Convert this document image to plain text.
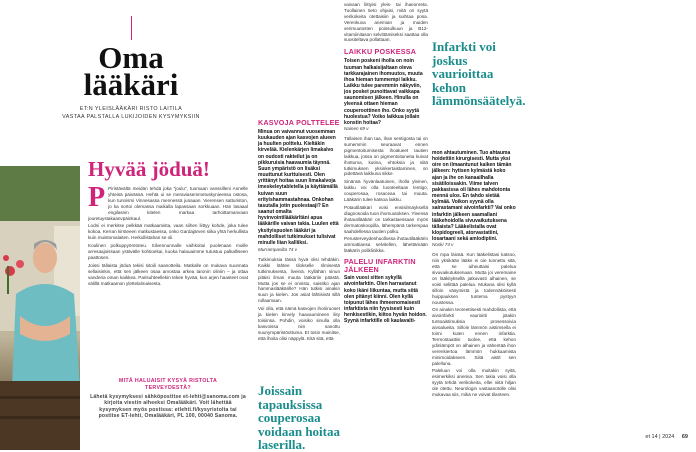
Oma lääkäri
ET:N YLEISLÄÄKÄRI RISTO LAITILA
VASTAA PALSTALLA LUKIJOIDEN KYSYMYKSIIN
Hyvää jöduä!
P Piristävältä meidän tehdä joka "joulu", tuomaan vanssilleni Annelle yhteisä päivässä. Hehtä ui se meraviasemmetuskynieessa ostosa, kun tunnismi Vinnesassa mennessä junaaan. Vierensen satturiston, jo ka sortoi olemassa maikalla lapassaan sorkkuaan. Hän lasaaal engilasnin kitelen markaa tarhoittamanvaan jouretuystakaanvpäinkaul.

Lodni ei merkitse pelkkää matkaamista, vaan siihen liittyy kohde, joka tulee kokoa. Kerran kirsteeen matkustaessa, onko Gardajärven siika yhtä herkullista kuin muistomalaiten. Herkullistahan se oli.

Koulinen polkuppyöretoteu. Silvennunnalle vaihkoitui puolenaan muille arresaajoissaan ystävälle kohtioekai, kuoka halauaimme tutustuu palkalliseen paattosen.

Joissi tällaista jöduä tekisi sitoili saanotteila. Matkalle on mukava suunnata sellaisinkin, että sen jälkeen osaa arvostaa arkea taronin oliniin – ja ottaa vanderia oman kaikkea. Parisuhteellekin tekee hyvää, kun arjen haasteet ovat välillä matkaamon ylettelalmaisesta.

MITÄ HALUAISIT KYSYÄ RISTOLTA TERVEYDESTÄ?
Lähetä kysymyksesi sähköpostitse et-lehti@sanoma.com ja kirjoita viestin aiheeksi Omalääkäri. Voit lähettää kysymyksen myös postissa: etlehti.fi/kysyristolta tai postitse ET-lehti, Omalääkäri, PL 100, 00040 Sanoma.
KASVOJA POLTTELEE
Minua on vaivannut vuosemman kuukauden ajan kasvojen alueen ja huulten polttelu. Kieltäkin kirvelää. Kielenkärjen limakalvo on oudosti rakteilut ja on pikkuruisia haavaumia täynnä. Suun ympäristö on lisäksi muuttunut kurttuisesti. Olen yrittänyt hoitaa suun limakalvoja imeskeleytabletella ja käyttämällä kuivan suun erityishammastahnaa. Onkohan tasutalla jotin puolestaaji? En saanut omalta hyvinvointilääkärltäni apua lääkärille vaivan takia. Luulen että yksityispuolen lääkäri ja mahdolliset tutkimukset tulisivat minulle liian kalliiksi.
Murrampasilta 74 v

Tutkimuksia tässä hyvä olisi tehdäkin. Kaikki lähtee tilokselle rilmisestä tutkimuksesta, liveinä. Kyllähän sinun pitäisi ilman muuta lääkäriin päästä. Mutta jos se ei onnistu, saisitko ajan hammaslääkärille? Hän tutkisi ainakin suun ja kielen. Jos asiat lähtisivät sillä rullaamaan.

Voi olla, että nämä kasvojen ihoriiruoset ja kielen kirvely haavaumineen liity toisiinsa. Pohdin, voisiko sinulla olla kasvoissa niin sanottu suunympäristöottuma. Et tosin mainitse, että ihoita olisi näppylä. Eitä sitä, että

Joissain tapauksissa couperosaa voidaan hoitaa laserilla.

vaivaan liittyisi yleis- tai ihaeonreta. Tuollainen tieto ohjaisi, mitä on syytä verikokeita otettaisiin ja suihtaa posa. Verenkuva anemian ja muiden verimuutosten poissulkuun ja B12-vitamiinitason selvittämiseksi saattaa olla suositeltava pollattaan.

LAIKKU POSKESSA
Toisen poskeni iholla on noin tuuman halkaisijaltaan oleva tarkkarajainen ihomuutos, muuta ihoa hieman tummempi laikku. Laikku tulee paremmin näkyviin, jos posket punoittavat vaikkapa saunomisen jälkeen. Hinulla on yleensä ottaen hieman couperoottinen iho. Onko syytä huolestua? Voiko laikkua jollain konstin hoitaa?
Nainen 69 v

Tällaisen ihan taa, ihan sentigosta tai on sumemmin seuraavat ennen pigmentoitumisesta ihoalueet tautien laikkua, jossa on pigmentoituneita kuivat ihottuma, kutina, ehtoksia ja niitä tutkimuksen yksinkertaistaminen, on pidettävä laikkuna sikke.

Sinänsä hyvänlaatuinen, iholla yleinen, laikku voi olla luonteeltaan lentigo, couperosaa, rosaceaa tai muuta. Lääkärin tulee katsoa laikku.

Potautilääkäri voisi ensisilmäyksellä diagnosoida tuon ihomuutoksen. Yleensä ihotautilääkäri on tarkastaessaan myös dermatoskoopilla, lähempänä tarkempaa saahdellessa tautien polku.

Perusterveydenhuollossa ihotautilääkärin ammattiansa selvitellen, lähettämään lääkärin poliklinikka.

PALELU INFARKTIN JÄLKEEN
Sain vuosi sitten sykyllä aivoinfarktin. Olen harrastanut koko ikäni liikuntaa, mutta siitä olen pitänyt kiinni. Olen kyllä toipunut lähes ihmeenomaisesti infarktista niin fyysisesti kuin henkisestikin, kiitos hyvän hoidon. Syynä infarktille oli kaulavalti-
Infarkti voi joskus vaurioittaa kehon lämmönsäätelyä.
mon ahtautuminen. Tuo ahtauma hoidettiin kirurgisesti. Mutta yksi oire on ilmaantunut kaiken tämän jälkeen: hytisen kylmästä koko ajan ja ihe on kanaailhalla sisätiloissakin. Viime talven pakkasissa oli lähes mahdotonta mennä ulos. En tahdo sietää kylmää. Voikon syynä olla sairastamani aivoinfarkti? Vai onko infarktin jälkeen saamallani lääkehoidolla sivuvaikutuksena tällaista? Lääkelistalla ovat klopidogreeli, atorvastatiini, losartaani sekä amlodipiini.
Noski 74 v

On mpa läivää. Kun lääkelistasi katsoo, niin yksikään lääke ei oie tunnettu sitä, että se aiheuttaisi palelua sivuvaikutuksenaan. Mutta joi veremaine on lääkityksellä jatkuvasti alhainen, se voisi selittää palelua. Mukana olisi kyllä silloin väsymistä ja todennäköisesti huippauksen tuntema pystyyn noustessa.

On ainakin teoreettisesti mahdollista, että aivoinfarkti vaurioitti jotakin tuntoaistimuksia prosessoivia aivoalueita. Silloin lämmön aistimsella ei toimi kuten ennen infarktia. Termostaattisi tuolee, että kehon ydinlämpöt on alhainen ja vähentää ihon verenkiertoa lämmön hukkaamista minimoidakseen. Siitä aistit sen palelluna.

Paleluun voi olla muitakin syitä, esimerkiksi anemia. Sen takia voisi olla syytä tehdä verikokeita, ellei niitä hiljan ole otettu. Neurologin vastaanotolle olisi mukavaa siis, mikä ne voivat tilanteen.

et 14 | 2024 69
